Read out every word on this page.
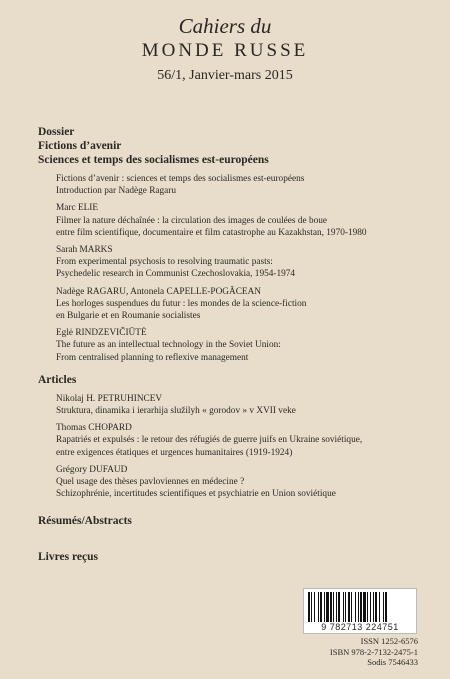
Cahiers du
MONDE RUSSE
56/1, Janvier-mars 2015
Dossier
Fictions d’avenir
Sciences et temps des socialismes est-européens
Fictions d’avenir : sciences et temps des socialismes est-européens
Introduction par Nadège Ragaru
Marc ELIE
Filmer la nature déchaînée : la circulation des images de coulées de boue
entre film scientifique, documentaire et film catastrophe au Kazakhstan, 1970-1980
Sarah MARKS
From experimental psychosis to resolving traumatic pasts:
Psychedelic research in Communist Czechoslovakia, 1954-1974
Nadège RAGARU, Antonela CAPELLE-POGĂCEAN
Les horloges suspendues du futur : les mondes de la science-fiction
en Bulgarie et en Roumanie socialistes
Eglė RINDZEVIČIŪTĖ
The future as an intellectual technology in the Soviet Union:
From centralised planning to reflexive management
Articles
Nikolaj H. PETRUHINCEV
Struktura, dinamika i ierarhija služilyh « gorodov » v XVII veke
Thomas CHOPARD
Rapatriés et expulsés : le retour des réfugiés de guerre juifs en Ukraine soviétique,
entre exigences étatiques et urgences humanitaires (1919-1924)
Grégory DUFAUD
Quel usage des thèses pavloviennes en médecine ?
Schizophrénie, incertitudes scientifiques et psychiatrie en Union soviétique
Résumés/Abstracts
Livres reçus
9 782713 224751
ISSN 1252-6576
ISBN 978-2-7132-2475-1
Sodis 7546433
